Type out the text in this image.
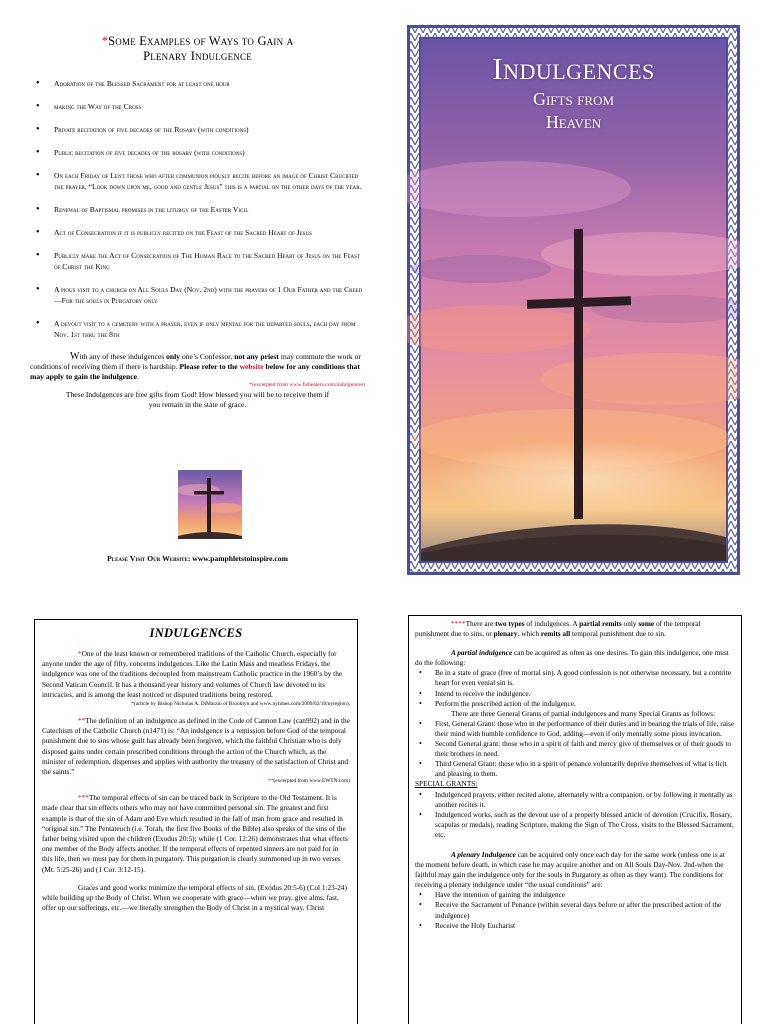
*Some Examples of Ways to Gain a
Plenary Indulgence
• Adoration of the Blessed Sacrament for at least one hour
• making the Way of the Cross
• Private recitation of five decades of the Rosary (with conditions)
• Public recitation of five decades of the rosary (with conditions)
• On each Friday of Lent those who after communion piously recite before an image of Christ Crucified the prayer, “Look down upon me, good and gentle Jesus” this is a partial on the other days of the year.
• Renewal of Baptismal promises in the liturgy of the Easter Vigil
• Act of Consecration if it is publicly recited on the Feast of the Sacred Heart of Jesus
• Publicly make the Act of Consecration of The Human Race to the Sacred Heart of Jesus on the Feast of Christ the King
• A pious visit to a church on All Souls Day (Nov. 2nd) with the prayers of 1 Our Father and the Creed—For the souls in Purgatory only
• A devout visit to a cemetery with a prayer, even if only mental for the departed souls, each day from Nov. 1st thru the 8th
With any of these indulgences only one’s Confessor, not any priest may commute the work or conditions of receiving them if there is hardship. Please refer to the website below for any conditions that may apply to gain the indulgence.
*(excerpted from www.fisheaters.com/indulgences)
These Indulgences are free gifts from God! How blessed you will be to receive them if you remain in the state of grace.
Please Visit Our Website: www.pamphletstoinspire.com
Indulgences
Gifts from
Heaven
INDULGENCES

*One of the least known or remembered traditions of the Catholic Church, especially for anyone under the age of fifty, concerns indulgences. Like the Latin Mass and meatless Fridays, the indulgence was one of the traditions decoupled from mainstream Catholic practice in the 1960’s by the Second Vatican Council. It has a thousand year history and volumes of Church law devoted to its intricacies, and is among the least noticed or disputed traditions being restored.

*(article by Bishop Nicholas A. DiMarzio of Brooklyn and www.nytimes.com/2009/02/10/nyregion).

**The definition of an indulgence as defined in the Code of Cannon Law (can992) and in the Catechism of the Catholic Church (n1471) is: “An indulgence is a remission before God of the temporal punishment due to sins whose guilt has already been forgiven, which the faithful Christian who is duly disposed gains under certain prescribed conditions through the action of the Church which, as the minister of redemption, dispenses and applies with authority the treasury of the satisfaction of Christ and the saints.”

**(excerpted from www.EWTN.com)

***The temporal effects of sin can be traced back in Scripture to the Old Testament. It is made clear that sin effects others who may not have committed personal sin. The greatest and first example is that of the sin of Adam and Eve which resulted in the fall of man from grace and resulted in “original sin.” The Pentateuch (i.e. Torah, the first five Books of the Bible) also speaks of the sins of the father being visited upon the children (Exodus 20:5); while (1 Cor. 12:26) demonstrates that what effects one member of the Body affects another. If the temporal effects of repented sinners are not paid for in this life, then we must pay for them in purgatory. This purgation is clearly summoned up in two verses (Mt. 5:25-26) and (1 Cor. 3:12-15).

Graces and good works minimize the temporal effects of sin, (Exodus 20:5-6) (Col 1:23-24) while building up the Body of Christ. When we cooperate with grace—when we pray, give alms, fast, offer up our sufferings, etc.—we literally strengthen the Body of Christ in a mystical way. Christ

****There are two types of indulgences. A partial remits only some of the temporal punishment due to sins, or plenary, which remits all temporal punishment due to sin.

A partial indulgence can be acquired as often as one desires. To gain this indulgence, one must do the following:

• Be in a state of grace (free of mortal sin). A good confession is not otherwise necessary, but a contrite heart for even venial sin is.
• Intend to receive the indulgence.
• Perform the prescribed action of the indulgence.

There are three General Grants of partial indulgences and many Special Grants as follows:

• First, General Grant: those who in the performance of their duties and in bearing the trials of life, raise their mind with humble confidence to God, adding—even if only mentally some pious invocation.
• Second General grant: those who in a spirit of faith and mercy give of themselves or of their goods to their brothers in need.
• Third General Grant: those who in a spirit of penance voluntarily deprive themselves of what is licit and pleasing to them.

SPECIAL GRANTS:

• Indulgenced prayers, either recited alone, alternately with a companion, or by following it mentally as another recites it.
• Indulgenced works, such as the devout use of a properly blessed article of devotion (Crucifix, Rosary, scapulas or medals), reading Scripture, making the Sign of The Cross, visits to the Blessed Sacrament, etc.

A plenary Indulgence can be acquired only once each day for the same work (unless one is at the moment before death, in which case he may acquire another and on All Souls Day-Nov. 2nd-when the faithful may gain the indulgence only for the souls in Purgatory as often as they want). The conditions for receiving a plenary indulgence under “the usual conditions” are:

• Have the intention of gaining the indulgence
• Receive the Sacrament of Penance (within several days before or after the prescribed action of the indulgence)
• Receive the Holy Eucharist
